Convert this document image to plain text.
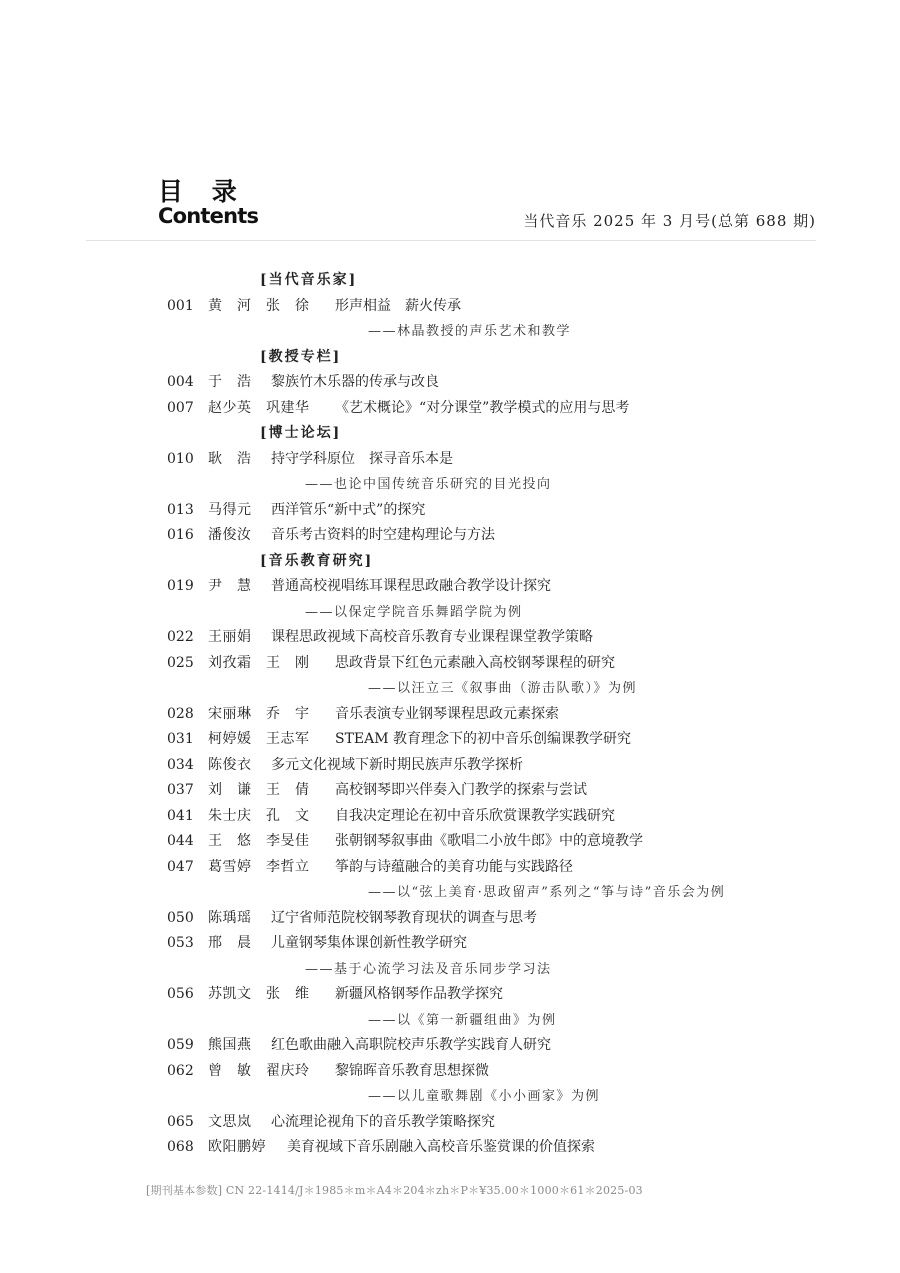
目 录
Contents	当代音乐 2025 年 3 月号(总第 688 期)
[当代音乐家]
001 黄　河　张　徐 形声相益　薪火传承
——林晶教授的声乐艺术和教学
[教授专栏]
004 于　浩 黎族竹木乐器的传承与改良
007 赵少英　巩建华 《艺术概论》“对分课堂”教学模式的应用与思考
[博士论坛]
010 耿　浩 持守学科原位　探寻音乐本是
——也论中国传统音乐研究的目光投向
013 马得元 西洋管乐“新中式”的探究
016 潘俊汝 音乐考古资料的时空建构理论与方法
[音乐教育研究]
019 尹　慧 普通高校视唱练耳课程思政融合教学设计探究
——以保定学院音乐舞蹈学院为例
022 王丽娟 课程思政视域下高校音乐教育专业课程课堂教学策略
025 刘孜霜　王　刚 思政背景下红色元素融入高校钢琴课程的研究
——以汪立三《叙事曲（游击队歌）》为例
028 宋丽琳　乔　宇 音乐表演专业钢琴课程思政元素探索
031 柯婷媛　王志军 STEAM 教育理念下的初中音乐创编课教学研究
034 陈俊衣 多元文化视域下新时期民族声乐教学探析
037 刘　谦　王　倩 高校钢琴即兴伴奏入门教学的探索与尝试
041 朱士庆　孔　文 自我决定理论在初中音乐欣赏课教学实践研究
044 王　悠　李旻佳 张朝钢琴叙事曲《歌唱二小放牛郎》中的意境教学
047 葛雪婷　李哲立 筝韵与诗蕴融合的美育功能与实践路径
——以“弦上美育·思政留声”系列之“筝与诗”音乐会为例
050 陈瑀瑶 辽宁省师范院校钢琴教育现状的调查与思考
053 邢　晨 儿童钢琴集体课创新性教学研究
——基于心流学习法及音乐同步学习法
056 苏凯文　张　维 新疆风格钢琴作品教学探究
——以《第一新疆组曲》为例
059 熊国燕 红色歌曲融入高职院校声乐教学实践育人研究
062 曾　敏　翟庆玲 黎锦晖音乐教育思想探微
——以儿童歌舞剧《小小画家》为例
065 文思岚 心流理论视角下的音乐教学策略探究
068 欧阳鹏婷 美育视域下音乐剧融入高校音乐鉴赏课的价值探索
[期刊基本参数] CN 22-1414/J＊1985＊m＊A4＊204＊zh＊P＊¥35.00＊1000＊61＊2025-03
